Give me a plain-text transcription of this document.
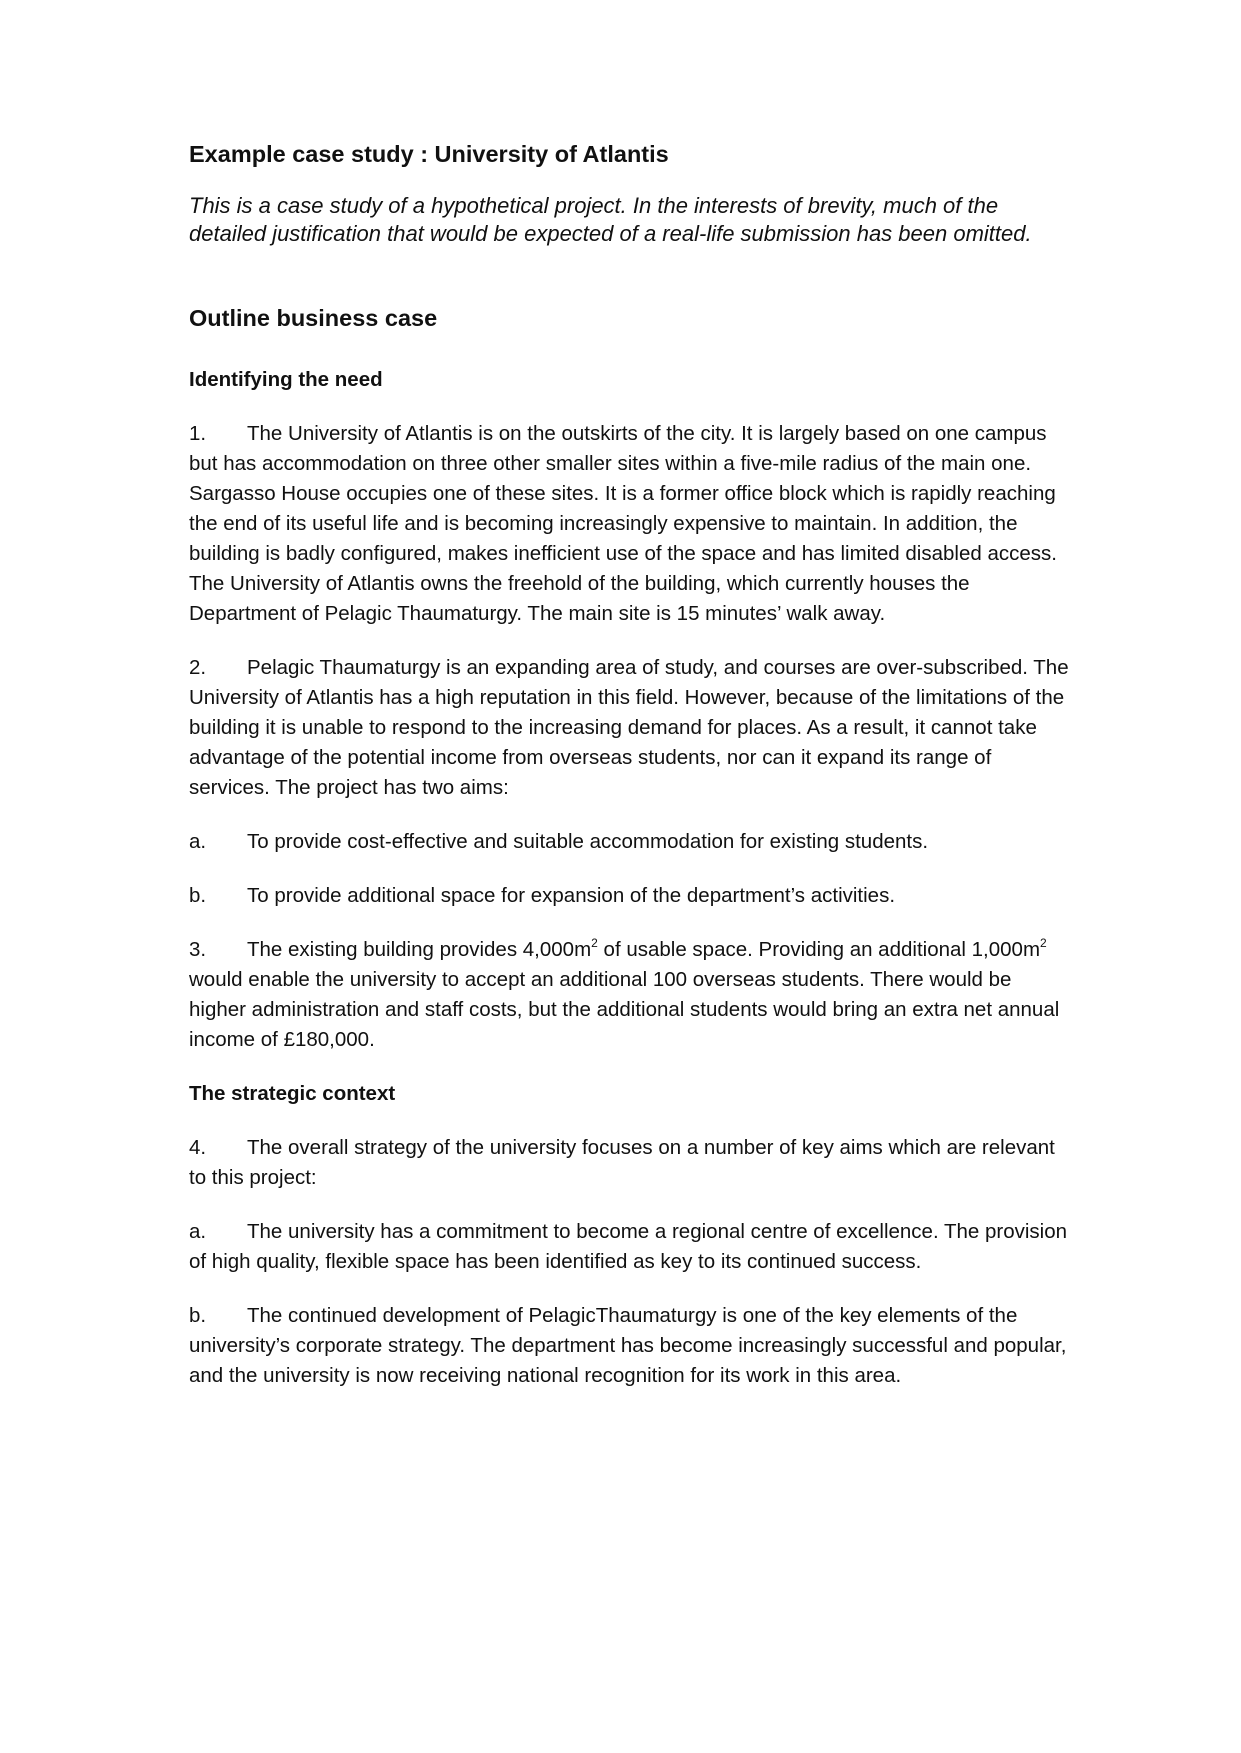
Example case study : University of Atlantis

This is a case study of a hypothetical project. In the interests of brevity, much of the detailed justification that would be expected of a real-life submission has been omitted.

Outline business case
Identifying the need

1. The University of Atlantis is on the outskirts of the city. It is largely based on one campus but has accommodation on three other smaller sites within a five-mile radius of the main one. Sargasso House occupies one of these sites. It is a former office block which is rapidly reaching the end of its useful life and is becoming increasingly expensive to maintain. In addition, the building is badly configured, makes inefficient use of the space and has limited disabled access. The University of Atlantis owns the freehold of the building, which currently houses the Department of Pelagic Thaumaturgy. The main site is 15 minutes’ walk away.

2. Pelagic Thaumaturgy is an expanding area of study, and courses are over-subscribed. The University of Atlantis has a high reputation in this field. However, because of the limitations of the building it is unable to respond to the increasing demand for places. As a result, it cannot take advantage of the potential income from overseas students, nor can it expand its range of services. The project has two aims:

a. To provide cost-effective and suitable accommodation for existing students.

b. To provide additional space for expansion of the department’s activities.

3. The existing building provides $4,000m^2$ of usable space. Providing an additional $1,000m^2$ would enable the university to accept an additional 100 overseas students. There would be higher administration and staff costs, but the additional students would bring an extra net annual income of £180,000.

The strategic context

4. The overall strategy of the university focuses on a number of key aims which are relevant to this project:

a. The university has a commitment to become a regional centre of excellence. The provision of high quality, flexible space has been identified as key to its continued success.

b. The continued development of PelagicThaumaturgy is one of the key elements of the university’s corporate strategy. The department has become increasingly successful and popular, and the university is now receiving national recognition for its work in this area.
